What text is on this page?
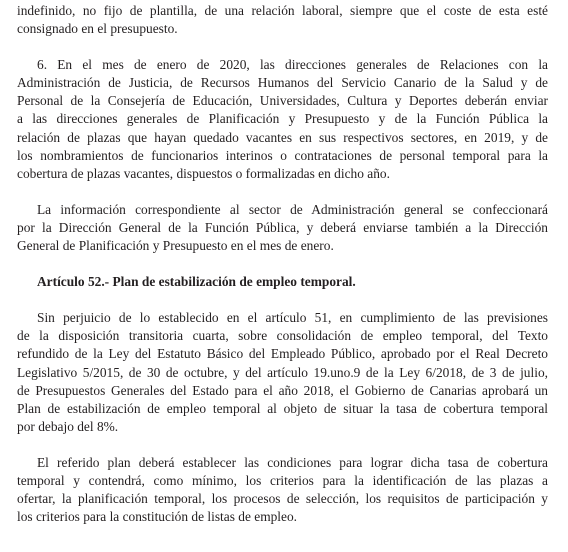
indefinido, no fijo de plantilla, de una relación laboral, siempre que el coste de esta esté
consignado en el presupuesto.

6. En el mes de enero de 2020, las direcciones generales de Relaciones con la
Administración de Justicia, de Recursos Humanos del Servicio Canario de la Salud y de
Personal de la Consejería de Educación, Universidades, Cultura y Deportes deberán enviar
a las direcciones generales de Planificación y Presupuesto y de la Función Pública la
relación de plazas que hayan quedado vacantes en sus respectivos sectores, en 2019, y de
los nombramientos de funcionarios interinos o contrataciones de personal temporal para la
cobertura de plazas vacantes, dispuestos o formalizadas en dicho año.

La información correspondiente al sector de Administración general se confeccionará
por la Dirección General de la Función Pública, y deberá enviarse también a la Dirección
General de Planificación y Presupuesto en el mes de enero.

Artículo 52.- Plan de estabilización de empleo temporal.

Sin perjuicio de lo establecido en el artículo 51, en cumplimiento de las previsiones
de la disposición transitoria cuarta, sobre consolidación de empleo temporal, del Texto
refundido de la Ley del Estatuto Básico del Empleado Público, aprobado por el Real Decreto
Legislativo 5/2015, de 30 de octubre, y del artículo 19.uno.9 de la Ley 6/2018, de 3 de julio,
de Presupuestos Generales del Estado para el año 2018, el Gobierno de Canarias aprobará un
Plan de estabilización de empleo temporal al objeto de situar la tasa de cobertura temporal
por debajo del 8%.

El referido plan deberá establecer las condiciones para lograr dicha tasa de cobertura
temporal y contendrá, como mínimo, los criterios para la identificación de las plazas a
ofertar, la planificación temporal, los procesos de selección, los requisitos de participación y
los criterios para la constitución de listas de empleo.
